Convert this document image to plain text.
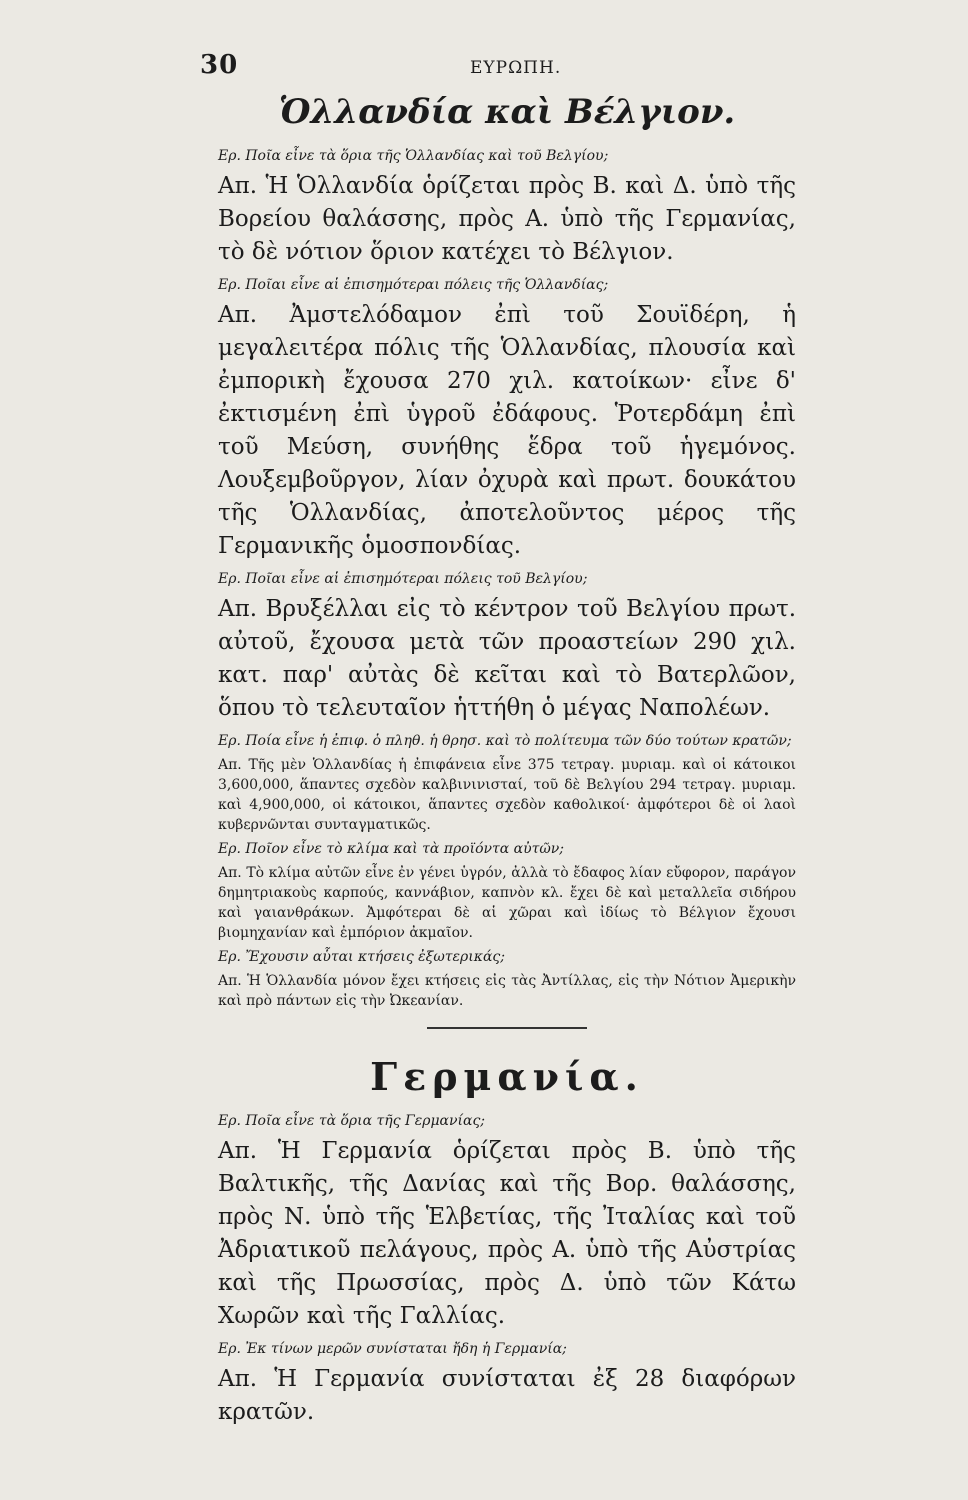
30	ΕΥΡΩΠΗ.
Ὁλλανδία καὶ Βέλγιον.

Ερ. Ποῖα εἶνε τὰ ὅρια τῆς Ὁλλανδίας καὶ τοῦ Βελγίου;

Απ. Ἡ Ὁλλανδία ὁρίζεται πρὸς Β. καὶ Δ. ὑπὸ τῆς Βορείου θαλάσσης, πρὸς Α. ὑπὸ τῆς Γερμανίας, τὸ δὲ νότιον ὅριον κατέχει τὸ Βέλγιον.

Ερ. Ποῖαι εἶνε αἱ ἐπισημότεραι πόλεις τῆς Ὁλλανδίας;

Απ. Ἀμστελόδαμον ἐπὶ τοῦ Σουϊδέρη, ἡ μεγαλειτέρα πόλις τῆς Ὁλλανδίας, πλουσία καὶ ἐμπορικὴ ἔχουσα 270 χιλ. κατοίκων· εἶνε δ' ἐκτισμένη ἐπὶ ὑγροῦ ἐδάφους. Ῥοτερδάμη ἐπὶ τοῦ Μεύση, συνήθης ἕδρα τοῦ ἡγεμόνος. Λουξεμβοῦργον, λίαν ὀχυρὰ καὶ πρωτ. δουκάτου τῆς Ὁλλανδίας, ἀποτελοῦντος μέρος τῆς Γερμανικῆς ὁμοσπονδίας.

Ερ. Ποῖαι εἶνε αἱ ἐπισημότεραι πόλεις τοῦ Βελγίου;

Απ. Βρυξέλλαι εἰς τὸ κέντρον τοῦ Βελγίου πρωτ. αὐτοῦ, ἔχουσα μετὰ τῶν προαστείων 290 χιλ. κατ. παρ' αὐτὰς δὲ κεῖται καὶ τὸ Βατερλῶον, ὅπου τὸ τελευταῖον ἡττήθη ὁ μέγας Ναπολέων.

Ερ. Ποία εἶνε ἡ ἐπιφ. ὁ πληθ. ἡ θρησ. καὶ τὸ πολίτευμα τῶν δύο τούτων κρατῶν;

Απ. Τῆς μὲν Ὁλλανδίας ἡ ἐπιφάνεια εἶνε 375 τετραγ. μυριαμ. καὶ οἱ κάτοικοι 3,600,000, ἅπαντες σχεδὸν καλβινινισταί, τοῦ δὲ Βελγίου 294 τετραγ. μυριαμ. καὶ 4,900,000, οἱ κάτοικοι, ἅπαντες σχεδὸν καθολικοί· ἀμφότεροι δὲ οἱ λαοὶ κυβερνῶνται συνταγματικῶς.

Ερ. Ποῖον εἶνε τὸ κλίμα καὶ τὰ προϊόντα αὐτῶν;

Απ. Τὸ κλίμα αὐτῶν εἶνε ἐν γένει ὑγρόν, ἀλλὰ τὸ ἔδαφος λίαν εὔφορον, παράγον δημητριακοὺς καρπούς, καννάβιον, καπνὸν κλ. ἔχει δὲ καὶ μεταλλεῖα σιδήρου καὶ γαιανθράκων. Ἀμφότεραι δὲ αἱ χῶραι καὶ ἰδίως τὸ Βέλγιον ἔχουσι βιομηχανίαν καὶ ἐμπόριον ἀκμαῖον.

Ερ. Ἔχουσιν αὗται κτήσεις ἐξωτερικάς;

Απ. Ἡ Ὁλλανδία μόνον ἔχει κτήσεις εἰς τὰς Ἀντίλλας, εἰς τὴν Νότιον Ἀμερικὴν καὶ πρὸ πάντων εἰς τὴν Ὠκεανίαν.

Γερμανία.

Ερ. Ποῖα εἶνε τὰ ὅρια τῆς Γερμανίας;

Απ. Ἡ Γερμανία ὁρίζεται πρὸς Β. ὑπὸ τῆς Βαλτικῆς, τῆς Δανίας καὶ τῆς Βορ. θαλάσσης, πρὸς Ν. ὑπὸ τῆς Ἑλβετίας, τῆς Ἰταλίας καὶ τοῦ Ἀδριατικοῦ πελάγους, πρὸς Α. ὑπὸ τῆς Αὐστρίας καὶ τῆς Πρωσσίας, πρὸς Δ. ὑπὸ τῶν Κάτω Χωρῶν καὶ τῆς Γαλλίας.

Ερ. Ἐκ τίνων μερῶν συνίσταται ἤδη ἡ Γερμανία;

Απ. Ἡ Γερμανία συνίσταται ἐξ 28 διαφόρων κρατῶν.
